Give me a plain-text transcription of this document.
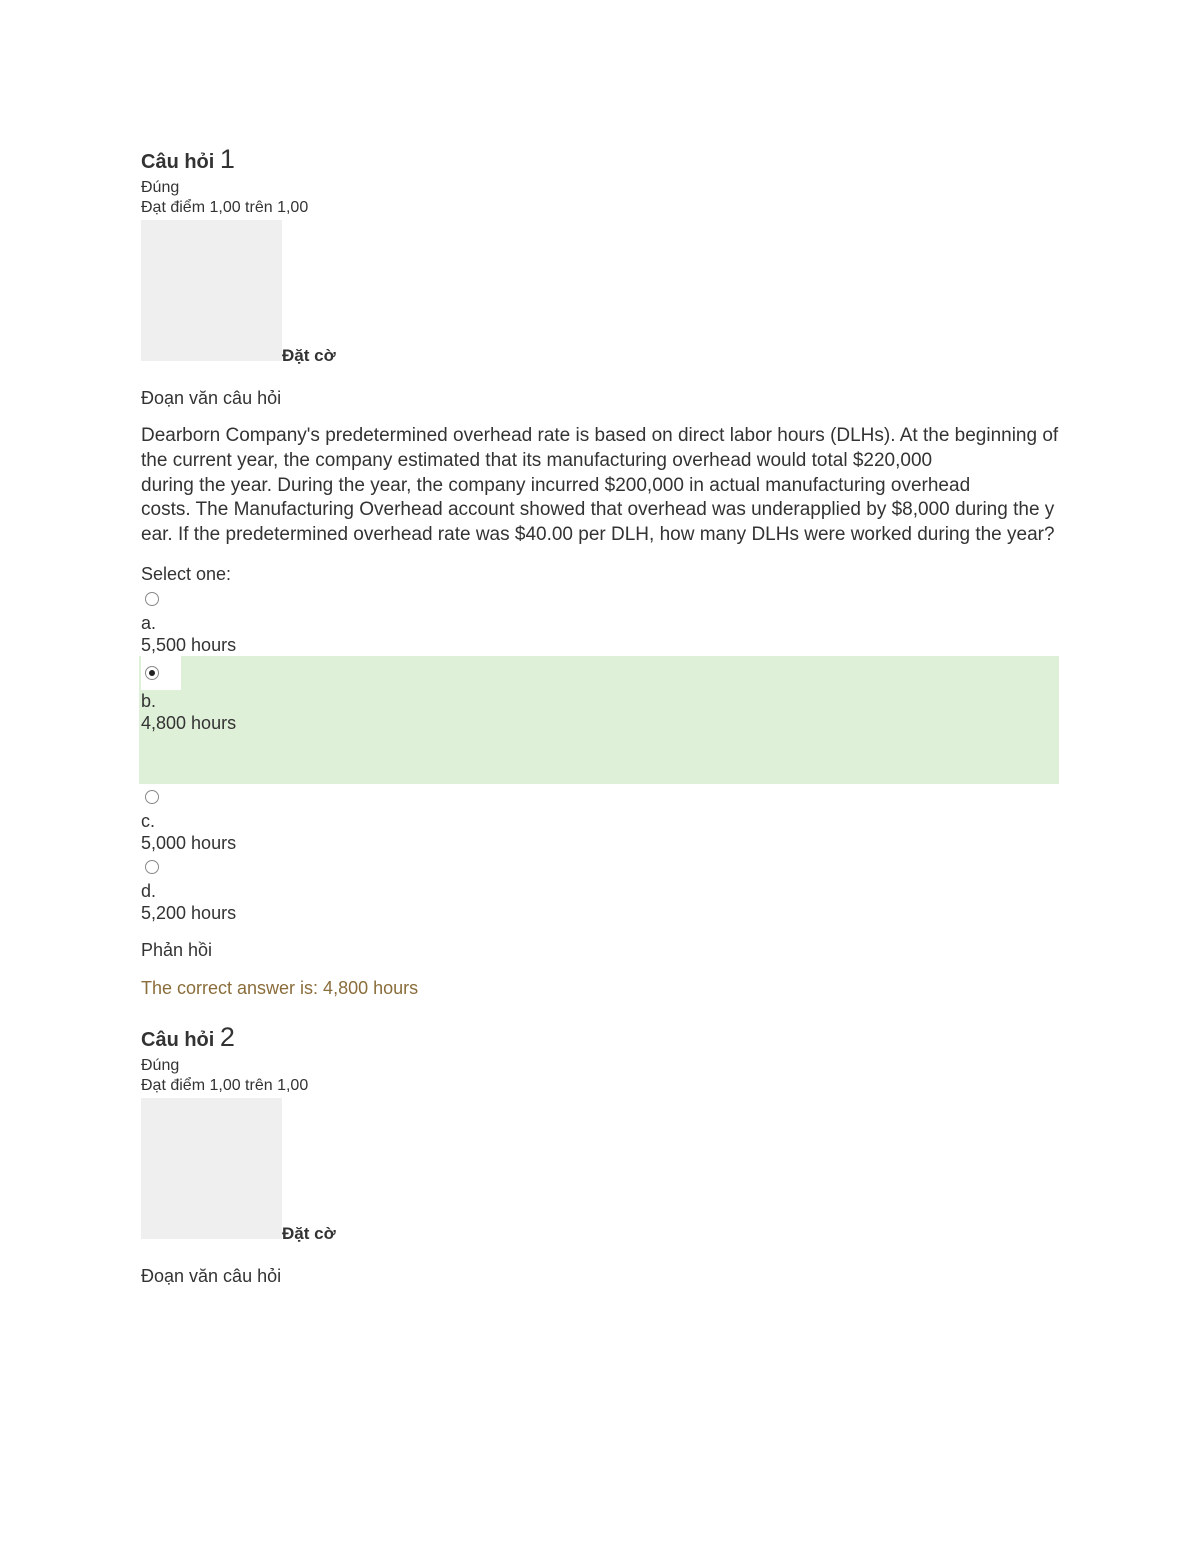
Câu hỏi 1
Đúng
Đạt điểm 1,00 trên 1,00
Đặt cờ
Đoạn văn câu hỏi

Dearborn Company's predetermined overhead rate is based on direct labor hours (DLHs). At the beginning of the current year, the company estimated that its manufacturing overhead would total $220,000

during the year. During the year, the company incurred $200,000 in actual manufacturing overhead

costs. The Manufacturing Overhead account showed that overhead was underapplied by $8,000 during the year. If the predetermined overhead rate was $40.00 per DLH, how many DLHs were worked during the year?

Select one:
a.
5,500 hours
b.
4,800 hours
c.
5,000 hours
d.
5,200 hours
Phản hồi
The correct answer is: 4,800 hours
Câu hỏi 2
Đúng
Đạt điểm 1,00 trên 1,00
Đặt cờ
Đoạn văn câu hỏi
